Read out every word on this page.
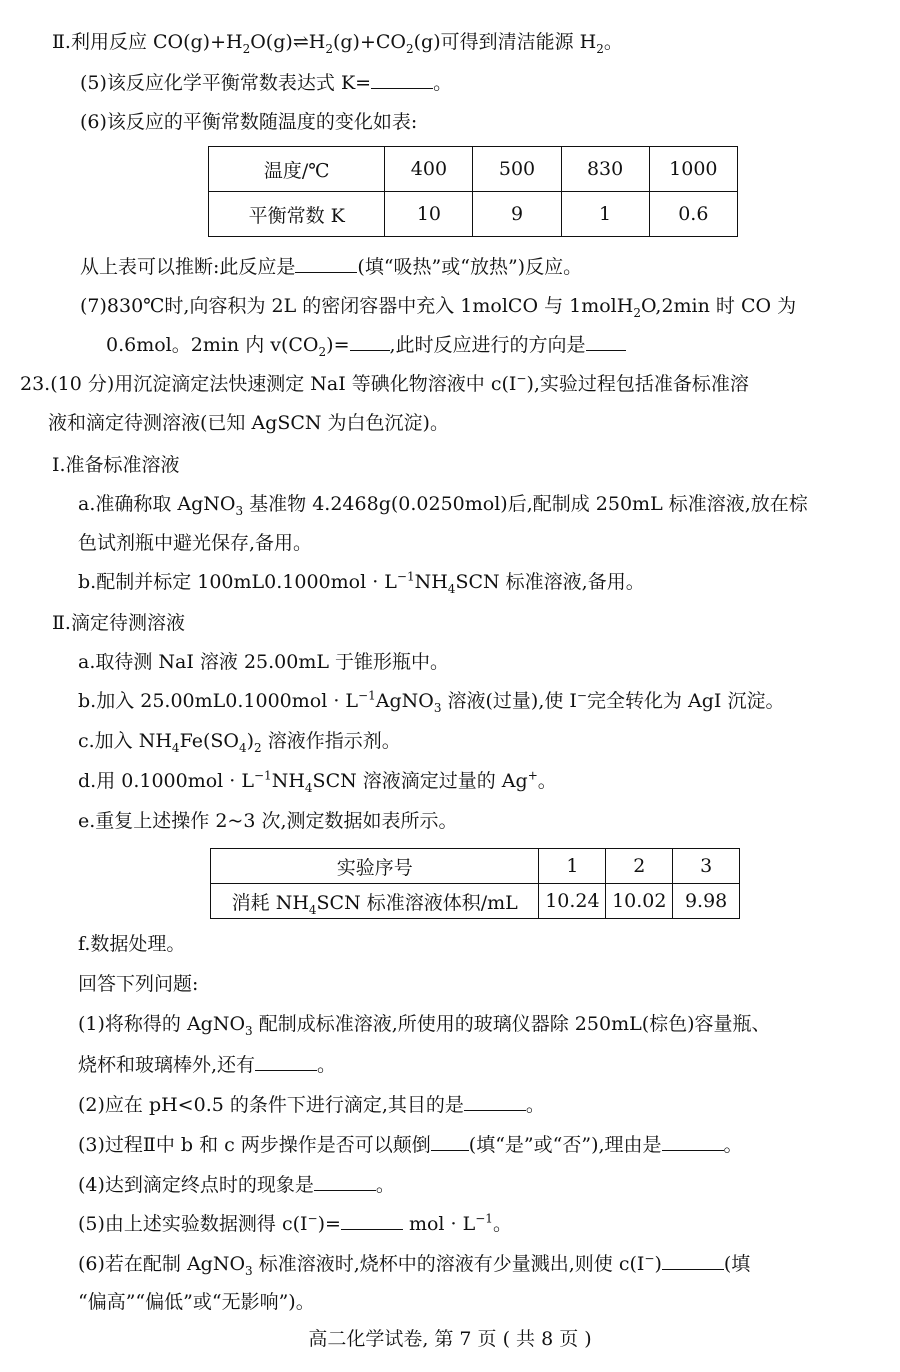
Ⅱ.利用反应 $CO(g)+H_2O(g)\rightleftharpoons H_2(g)+CO_2(g)$可得到清洁能源 $H_2$。
(5)该反应化学平衡常数表达式 K=	。
(6)该反应的平衡常数随温度的变化如表:
温度/℃	400	500	830	1000
平衡常数 K	10	9	1	0.6
从上表可以推断:此反应是	(填“吸热”或“放热”)反应。
(7)830℃时,向容积为 2L 的密闭容器中充入 1molCO 与 1molH$_2$O,2min 时 CO 为
0.6mol。2min 内 $v(CO_2)=$ ,此时反应进行的方向是
23.(10 分)用沉淀滴定法快速测定 NaI 等碘化物溶液中 c(I−),实验过程包括准备标准溶
液和滴定待测溶液(已知 AgSCN 为白色沉淀)。
Ⅰ.准备标准溶液
a.准确称取 AgNO$_3$ 基准物 4.2468g(0.0250mol)后,配制成 250mL 标准溶液,放在棕
色试剂瓶中避光保存,备用。
b.配制并标定 $100mL0.1000mol \cdot L^{-1}NH_4SCN$ 标准溶液,备用。
Ⅱ.滴定待测溶液
a.取待测 NaI 溶液 25.00mL 于锥形瓶中。
b.加入 $25.00mL0.1000mol \cdot L^{-1}AgNO_3$ 溶液(过量),使 I−完全转化为 AgI 沉淀。
c.加入 $NH_4Fe(SO_4)_2$ 溶液作指示剂。
d.用 $0.1000mol \cdot L^{-1}NH_4SCN$ 溶液滴定过量的 Ag+。
e.重复上述操作 2~3 次,测定数据如表所示。
实验序号	1	2	3
消耗 $NH_4SCN$ 标准溶液体积/mL	10.24	10.02	9.98
f.数据处理。
回答下列问题:
(1)将称得的 AgNO$_3$ 配制成标准溶液,所使用的玻璃仪器除 250mL(棕色)容量瓶、
烧杯和玻璃棒外,还有	。
(2)应在 pH<0.5 的条件下进行滴定,其目的是	。
(3)过程Ⅱ中 b 和 c 两步操作是否可以颠倒 (填“是”或“否”),理由是	。
(4)达到滴定终点时的现象是	。
(5)由上述实验数据测得 c(I−)=	mol · $L^{-1}$。
(6)若在配制 AgNO$_3$ 标准溶液时,烧杯中的溶液有少量溅出,则使 c(I−)	(填
“偏高”“偏低”或“无影响”)。
高二化学试卷, 第 7 页 ( 共 8 页 )
